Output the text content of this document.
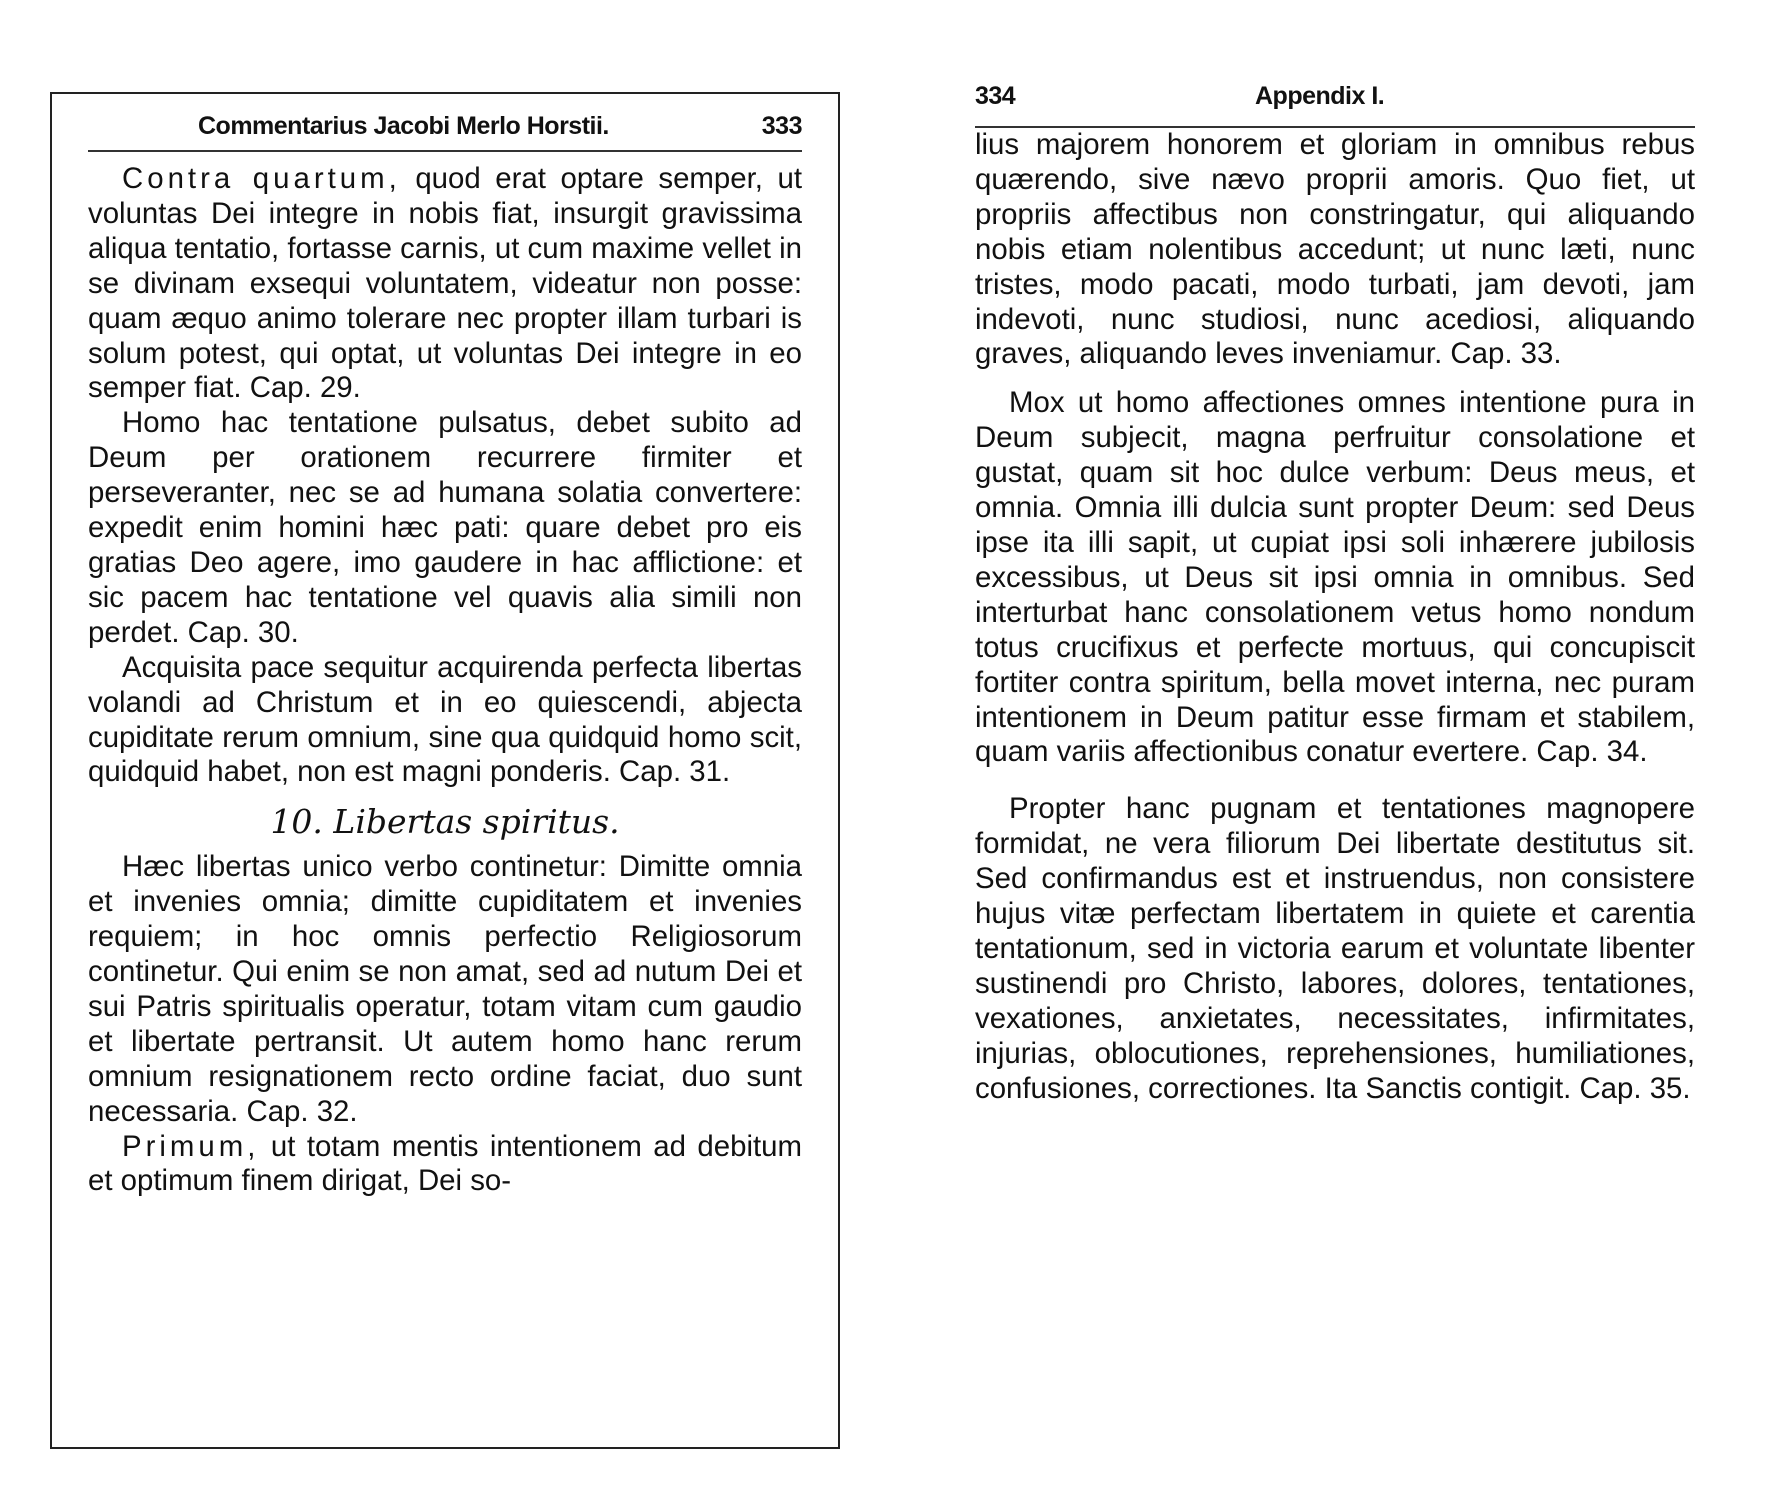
Commentarius Jacobi Merlo Horstii.	333

Contra quartum, quod erat optare semper, ut voluntas Dei integre in nobis fiat, insurgit gravissima aliqua tentatio, fortasse carnis, ut cum maxime vellet in se divinam exsequi voluntatem, videatur non posse: quam æquo animo tolerare nec propter illam turbari is solum potest, qui optat, ut voluntas Dei integre in eo semper fiat. Cap. 29.

Homo hac tentatione pulsatus, debet subito ad Deum per orationem recurrere firmiter et perseveranter, nec se ad humana solatia convertere: expedit enim homini hæc pati: quare debet pro eis gratias Deo agere, imo gaudere in hac afflictione: et sic pacem hac tentatione vel quavis alia simili non perdet. Cap. 30.

Acquisita pace sequitur acquirenda perfecta libertas volandi ad Christum et in eo quiescendi, abjecta cupiditate rerum omnium, sine qua quidquid homo scit, quidquid habet, non est magni ponderis. Cap. 31.

10. Libertas spiritus.

Hæc libertas unico verbo continetur: Dimitte omnia et invenies omnia; dimitte cupiditatem et invenies requiem; in hoc omnis perfectio Religiosorum continetur. Qui enim se non amat, sed ad nutum Dei et sui Patris spiritualis operatur, totam vitam cum gaudio et libertate pertransit. Ut autem homo hanc rerum omnium resignationem recto ordine faciat, duo sunt necessaria. Cap. 32.

Primum, ut totam mentis intentionem ad debitum et optimum finem dirigat, Dei so-

334	Appendix I.

lius majorem honorem et gloriam in omnibus rebus quærendo, sive nævo proprii amoris. Quo fiet, ut propriis affectibus non constringatur, qui aliquando nobis etiam nolentibus accedunt; ut nunc læti, nunc tristes, modo pacati, modo turbati, jam devoti, jam indevoti, nunc studiosi, nunc acediosi, aliquando graves, aliquando leves inveniamur. Cap. 33.

Mox ut homo affectiones omnes intentione pura in Deum subjecit, magna perfruitur consolatione et gustat, quam sit hoc dulce verbum: Deus meus, et omnia. Omnia illi dulcia sunt propter Deum: sed Deus ipse ita illi sapit, ut cupiat ipsi soli inhærere jubilosis excessibus, ut Deus sit ipsi omnia in omnibus. Sed interturbat hanc consolationem vetus homo nondum totus crucifixus et perfecte mortuus, qui concupiscit fortiter contra spiritum, bella movet interna, nec puram intentionem in Deum patitur esse firmam et stabilem, quam variis affectionibus conatur evertere. Cap. 34.

Propter hanc pugnam et tentationes magnopere formidat, ne vera filiorum Dei libertate destitutus sit. Sed confirmandus est et instruendus, non consistere hujus vitæ perfectam libertatem in quiete et carentia tentationum, sed in victoria earum et voluntate libenter sustinendi pro Christo, labores, dolores, tentationes, vexationes, anxietates, necessitates, infirmitates, injurias, oblocutiones, reprehensiones, humiliationes, confusiones, correctiones. Ita Sanctis contigit. Cap. 35.
